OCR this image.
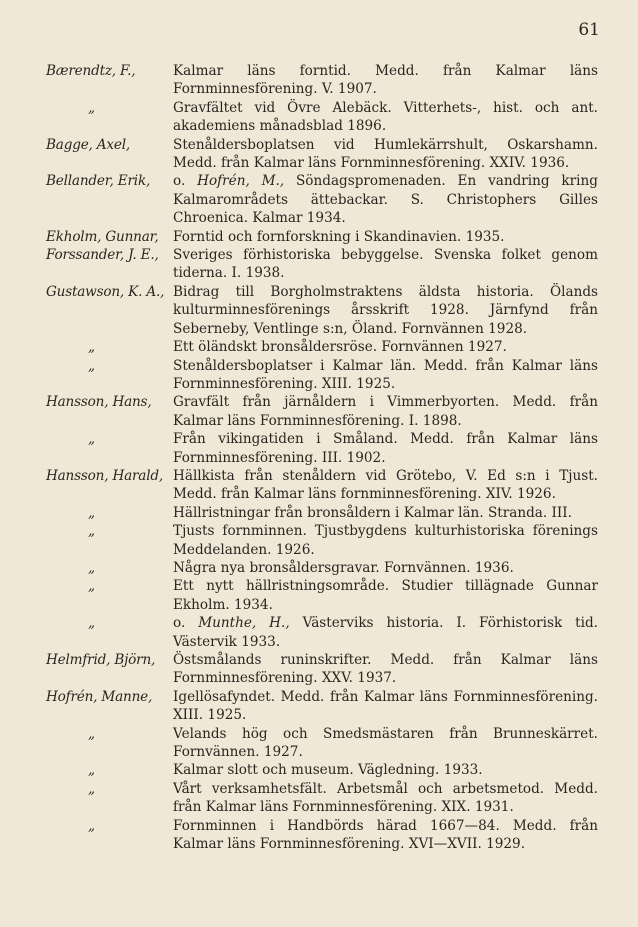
61
Bærendtz, F.,	Kalmar läns forntid. Medd. från Kalmar läns Fornminnesförening. V. 1907.
„	Gravfältet vid Övre Alebäck. Vitterhets-, hist. och ant. akademiens månadsblad 1896.
Bagge, Axel,	Stenåldersboplatsen vid Humlekärrshult, Oskarshamn. Medd. från Kalmar läns Fornminnesförening. XXIV. 1936.
Bellander, Erik,	o. Hofrén, M., Söndagspromenaden. En vandring kring Kalmarområdets ättebackar. S. Christophers Gilles Chroenica. Kalmar 1934.
Ekholm, Gunnar,	Forntid och fornforskning i Skandinavien. 1935.
Forssander, J. E.,	Sveriges förhistoriska bebyggelse. Svenska folket genom tiderna. I. 1938.
Gustawson, K. A., Bidrag till Borgholmstraktens äldsta historia. Ölands kulturminnesförenings årsskrift 1928. Järnfynd från Seberneby, Ventlinge s:n, Öland. Fornvännen 1928.
„	Ett öländskt bronsåldersröse. Fornvännen 1927.
„	Stenåldersboplatser i Kalmar län. Medd. från Kalmar läns Fornminnesförening. XIII. 1925.
Hansson, Hans,	Gravfält från järnåldern i Vimmerbyorten. Medd. från Kalmar läns Fornminnesförening. I. 1898.
„	Från vikingatiden i Småland. Medd. från Kalmar läns Fornminnesförening. III. 1902.
Hansson, Harald, Hällkista från stenåldern vid Grötebo, V. Ed s:n i Tjust. Medd. från Kalmar läns fornminnesförening. XIV. 1926.
„	Hällristningar från bronsåldern i Kalmar län. Stranda. III.
„	Tjusts fornminnen. Tjustbygdens kulturhistoriska förenings Meddelanden. 1926.
„	Några nya bronsåldersgravar. Fornvännen. 1936.
„	Ett nytt hällristningsområde. Studier tillägnade Gunnar Ekholm. 1934.
„	o. Munthe, H., Västerviks historia. I. Förhistorisk tid. Västervik 1933.
Helmfrid, Björn,	Östsmålands runinskrifter. Medd. från Kalmar läns Fornminnesförening. XXV. 1937.
Hofrén, Manne,	Igellösafyndet. Medd. från Kalmar läns Fornminnesförening. XIII. 1925.
„	Velands hög och Smedsmästaren från Brunneskärret. Fornvännen. 1927.
„	Kalmar slott och museum. Vägledning. 1933.
„	Vårt verksamhetsfält. Arbetsmål och arbetsmetod. Medd. från Kalmar läns Fornminnesförening. XIX. 1931.
„	Fornminnen i Handbörds härad 1667—84. Medd. från Kalmar läns Fornminnesförening. XVI—XVII. 1929.
